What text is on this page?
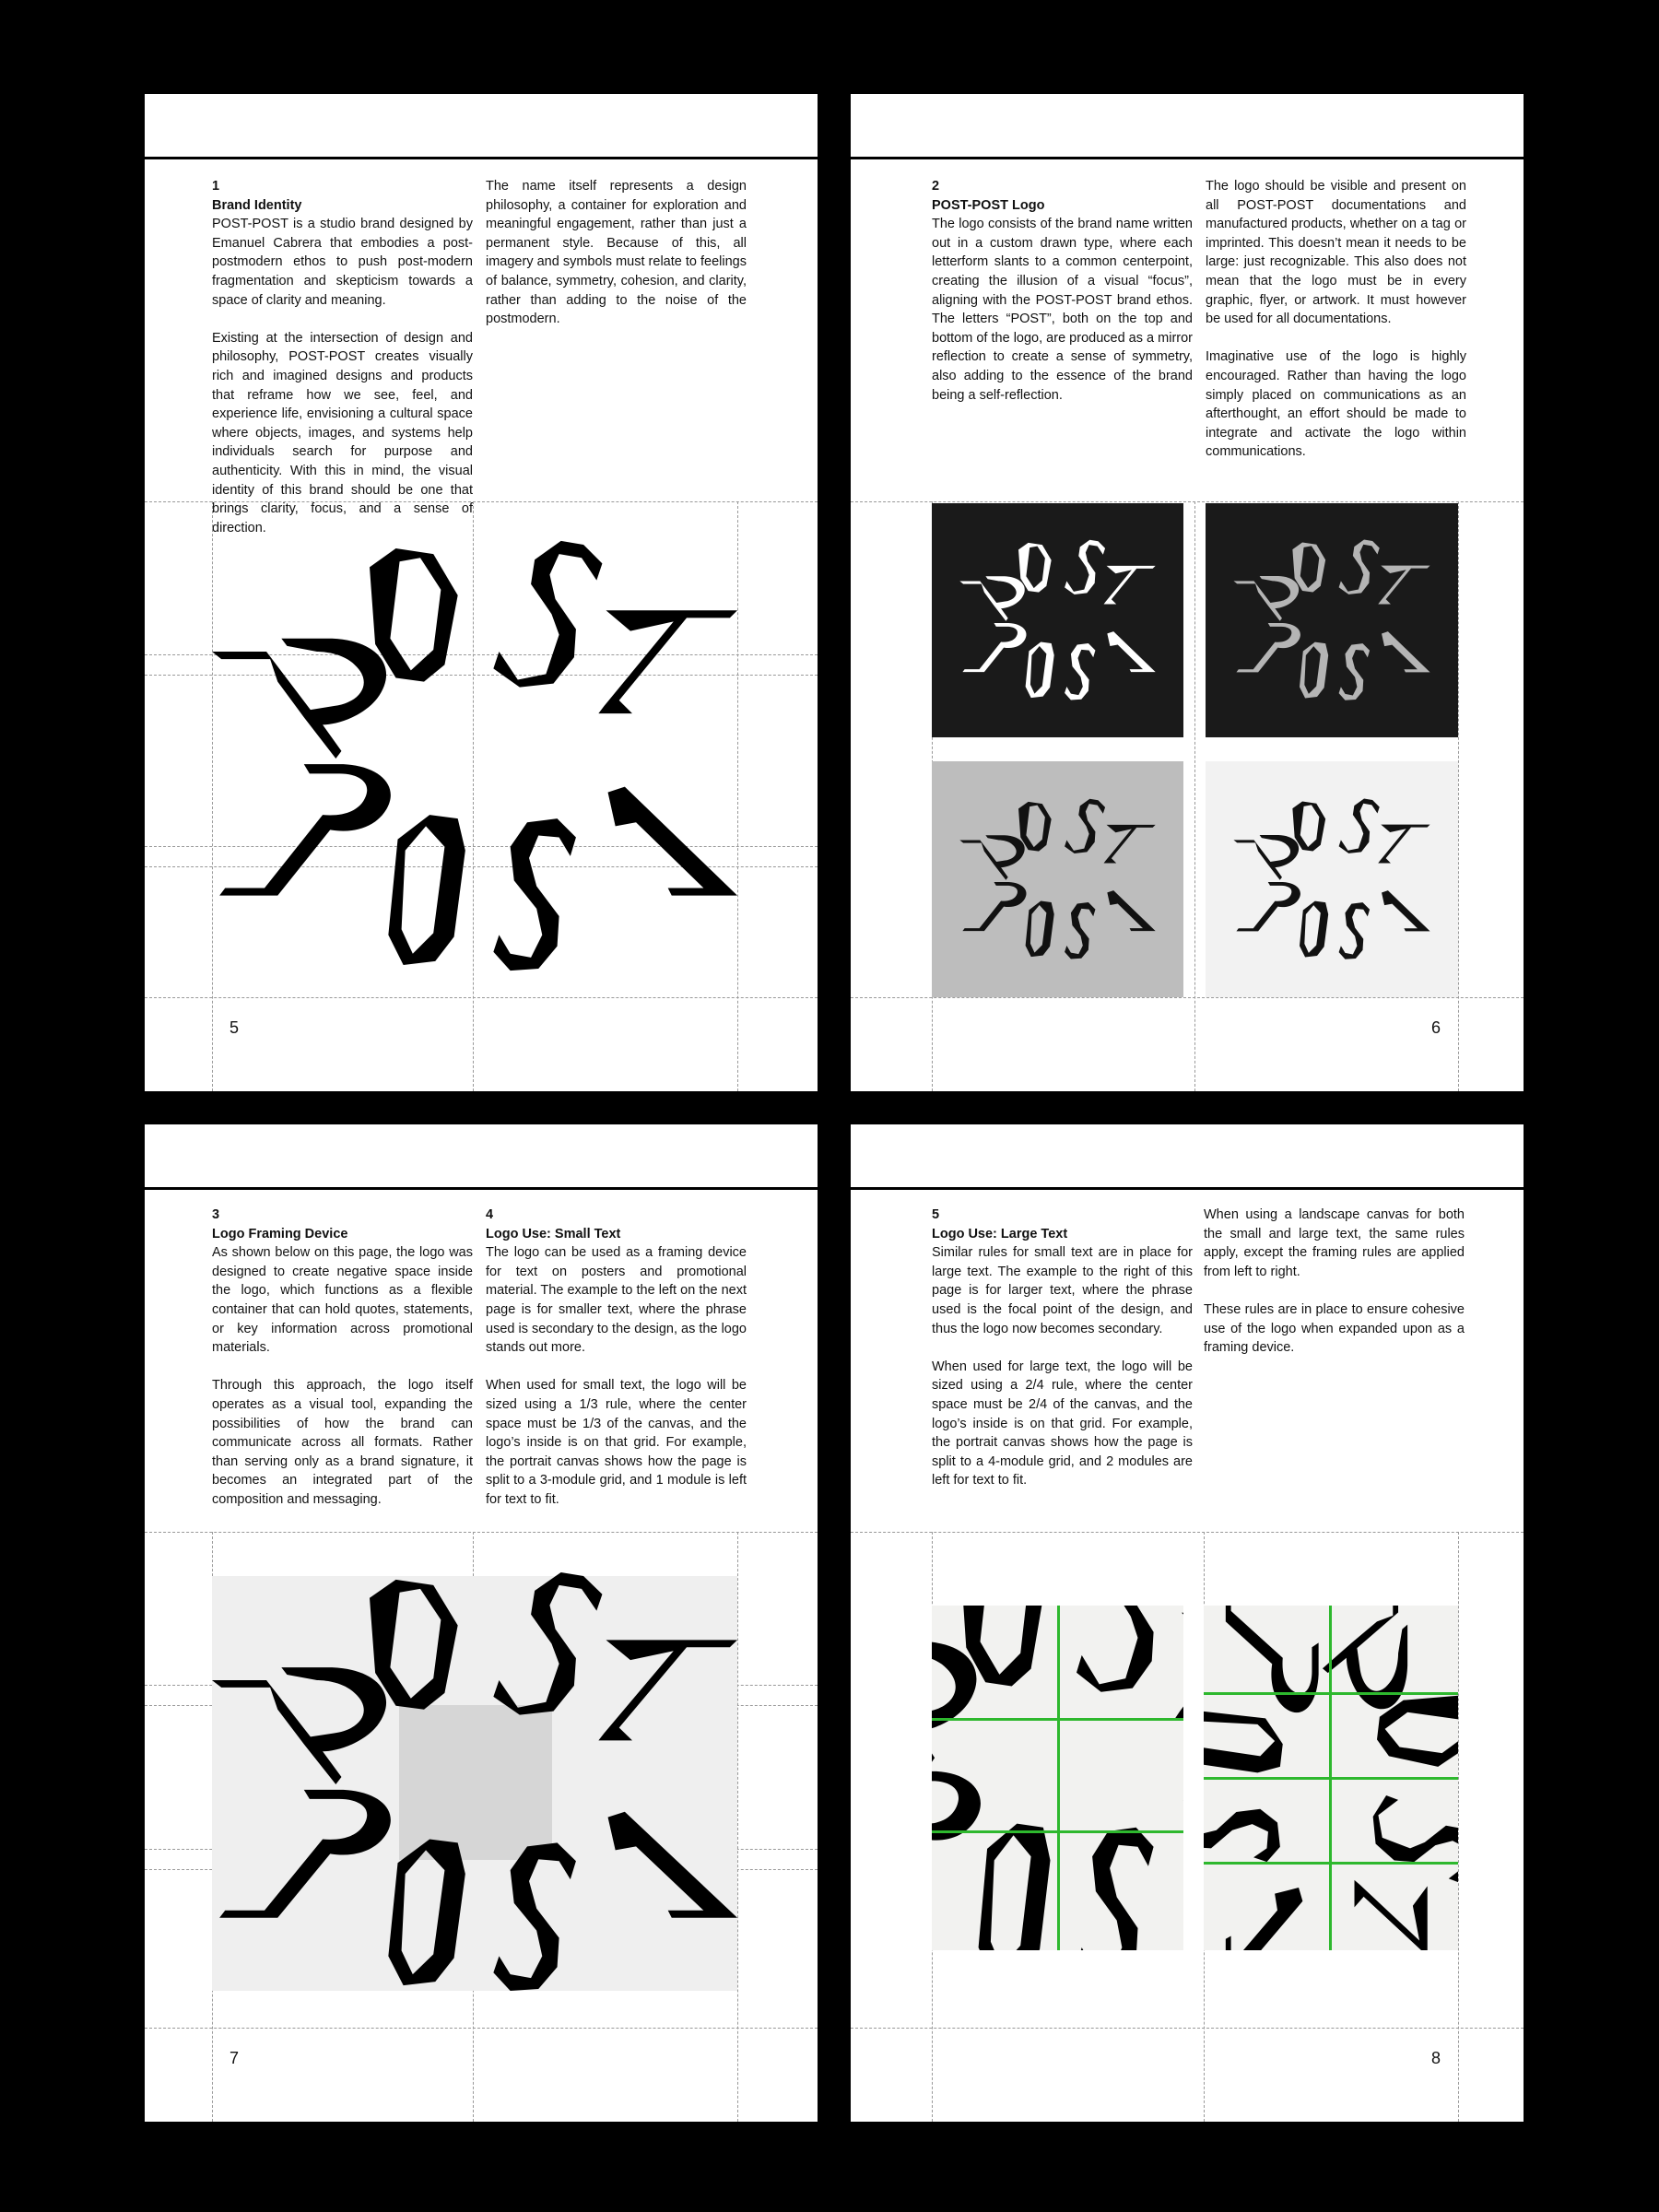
1
Brand Identity

POST-POST is a studio brand designed by Emanuel Cabrera that embodies a post-postmodern ethos to push post-modern fragmentation and skepticism towards a space of clarity and meaning.

Existing at the intersection of design and philosophy, POST-POST creates visually rich and imagined designs and products that reframe how we see, feel, and experience life, envisioning a cultural space where objects, images, and systems help individuals search for purpose and authenticity. With this in mind, the visual identity of this brand should be one that brings clarity, focus, and a sense of direction.

The name itself represents a design philosophy, a container for exploration and meaningful engagement, rather than just a permanent style. Because of this, all imagery and symbols must relate to feelings of balance, symmetry, cohesion, and clarity, rather than adding to the noise of the postmodern.

5
2
POST-POST Logo

The logo consists of the brand name written out in a custom drawn type, where each letterform slants to a common centerpoint, creating the illusion of a visual “focus”, aligning with the POST-POST brand ethos. The letters “POST”, both on the top and bottom of the logo, are produced as a mirror reflection to create a sense of symmetry, also adding to the essence of the brand being a self-reflection.

The logo should be visible and present on all POST-POST documentations and manufactured products, whether on a tag or imprinted. This doesn’t mean it needs to be large: just recognizable. This also does not mean that the logo must be in every graphic, flyer, or artwork. It must however be used for all documentations.

Imaginative use of the logo is highly encouraged. Rather than having the logo simply placed on communications as an afterthought, an effort should be made to integrate and activate the logo within communications.

6
3
Logo Framing Device

As shown below on this page, the logo was designed to create negative space inside the logo, which functions as a flexible container that can hold quotes, statements, or key information across promotional materials.

Through this approach, the logo itself operates as a visual tool, expanding the possibilities of how the brand can communicate across all formats. Rather than serving only as a brand signature, it becomes an integrated part of the composition and messaging.

4
Logo Use: Small Text

The logo can be used as a framing device for text on posters and promotional material. The example to the left on the next page is for smaller text, where the phrase used is secondary to the design, as the logo stands out more.

When used for small text, the logo will be sized using a 1/3 rule, where the center space must be 1/3 of the canvas, and the logo’s inside is on that grid. For example, the portrait canvas shows how the page is split to a 3-module grid, and 1 module is left for text to fit.

7
5
Logo Use: Large Text

Similar rules for small text are in place for large text. The example to the right of this page is for larger text, where the phrase used is the focal point of the design, and thus the logo now becomes secondary.

When used for large text, the logo will be sized using a 2/4 rule, where the center space must be 2/4 of the canvas, and the logo’s inside is on that grid. For example, the portrait canvas shows how the page is split to a 4-module grid, and 2 modules are left for text to fit.

When using a landscape canvas for both the small and large text, the same rules apply, except the framing rules are applied from left to right.

These rules are in place to ensure cohesive use of the logo when expanded upon as a framing device.

8
